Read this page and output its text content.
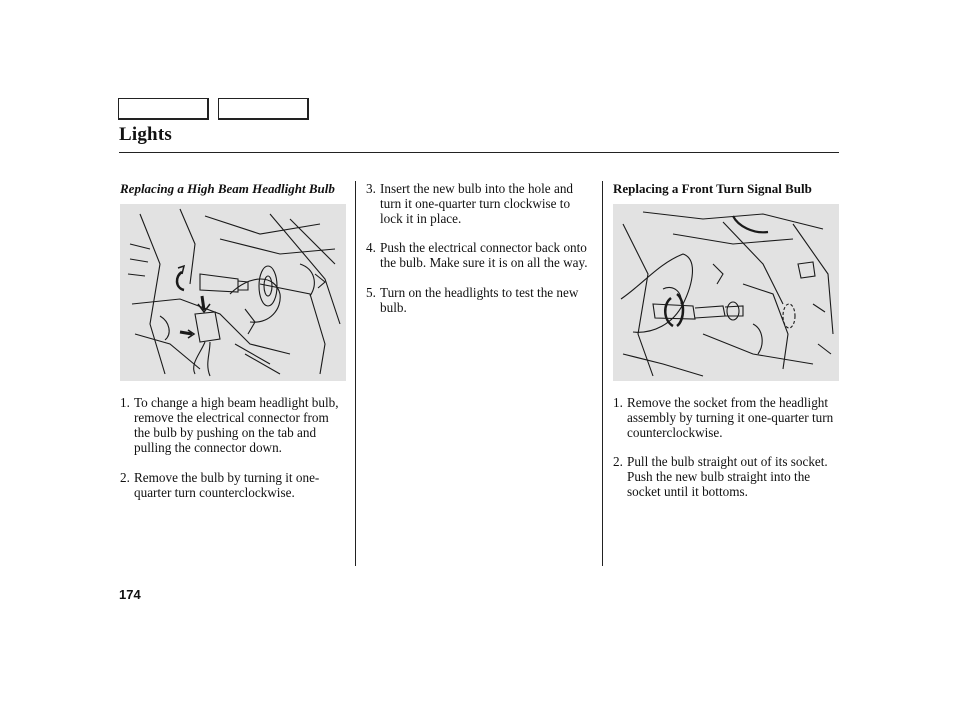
Lights

Replacing a High Beam Headlight Bulb

1. To change a high beam headlight bulb, remove the electrical connector from the bulb by pushing on the tab and pulling the connector down.
2. Remove the bulb by turning it one-quarter turn counterclockwise.
3. Insert the new bulb into the hole and turn it one-quarter turn clockwise to lock it in place.
4. Push the electrical connector back onto the bulb. Make sure it is on all the way.
5. Turn on the headlights to test the new bulb.

Replacing a Front Turn Signal Bulb

1. Remove the socket from the headlight assembly by turning it one-quarter turn counterclockwise.
2. Pull the bulb straight out of its socket. Push the new bulb straight into the socket until it bottoms.
174
